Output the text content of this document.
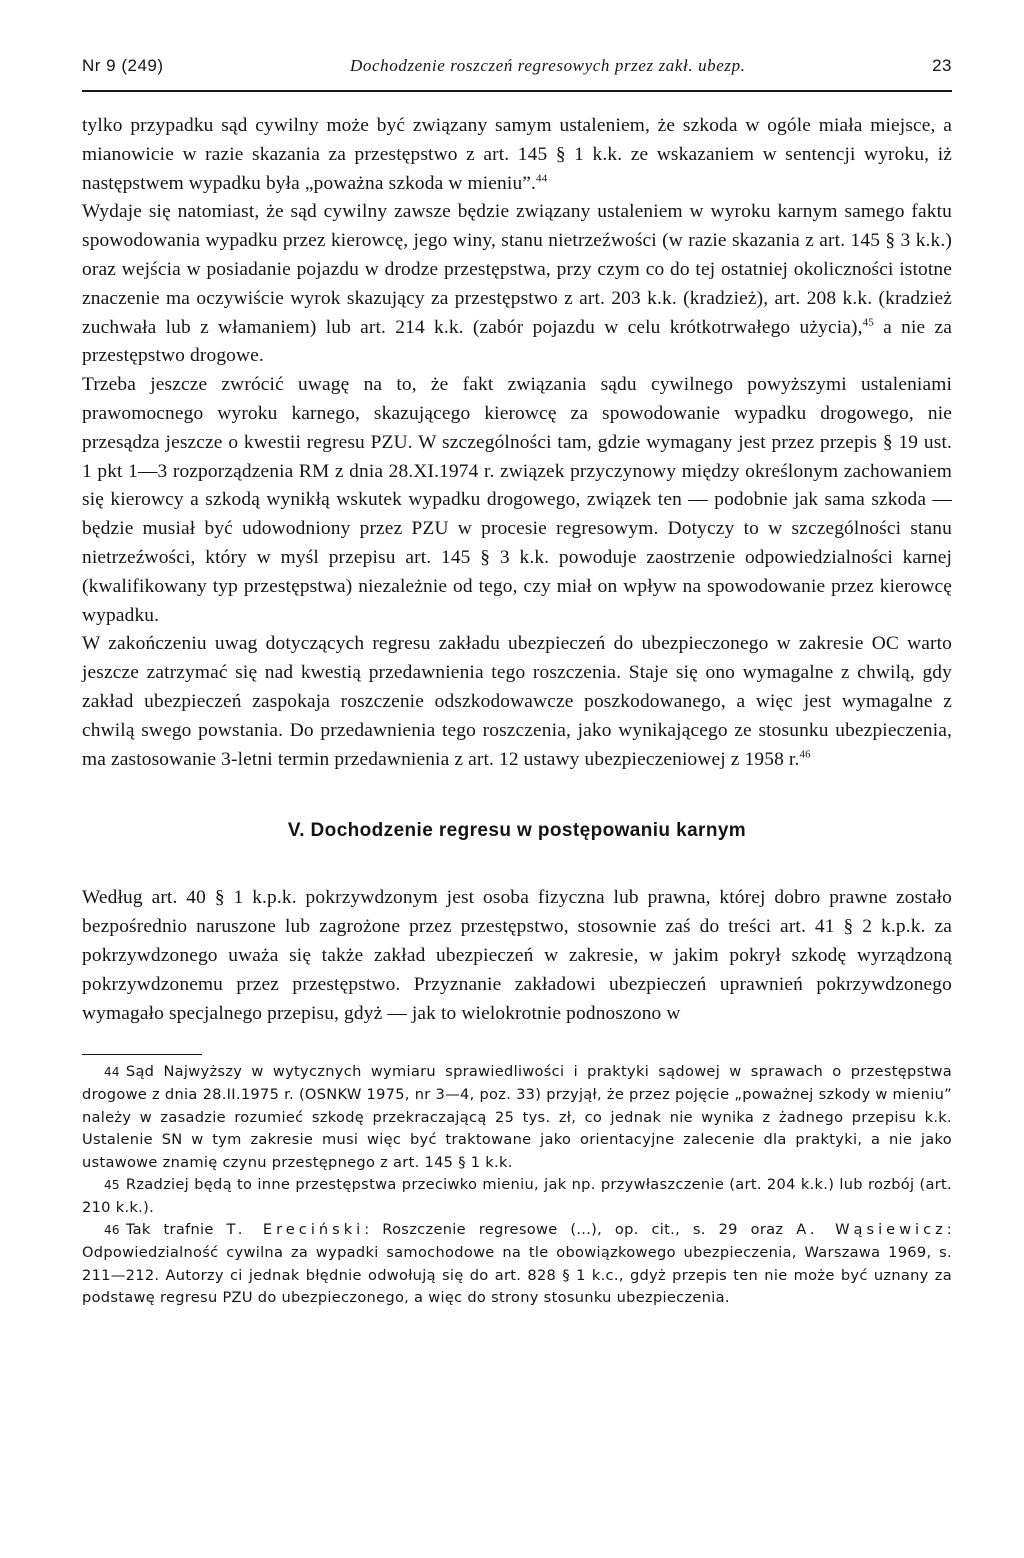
Nr 9 (249)	Dochodzenie roszczeń regresowych przez zakł. ubezp.	23

tylko przypadku sąd cywilny może być związany samym ustaleniem, że szkoda w ogóle miała miejsce, a mianowicie w razie skazania za przestępstwo z art. 145 § 1 k.k. ze wskazaniem w sentencji wyroku, iż następstwem wypadku była „poważna szkoda w mieniu”.$^{44}$

Wydaje się natomiast, że sąd cywilny zawsze będzie związany ustaleniem w wyroku karnym samego faktu spowodowania wypadku przez kierowcę, jego winy, stanu nietrzeźwości (w razie skazania z art. 145 § 3 k.k.) oraz wejścia w posiadanie pojazdu w drodze przestępstwa, przy czym co do tej ostatniej okoliczności istotne znaczenie ma oczywiście wyrok skazujący za przestępstwo z art. 203 k.k. (kradzież), art. 208 k.k. (kradzież zuchwała lub z włamaniem) lub art. 214 k.k. (zabór pojazdu w celu krótkotrwałego użycia),$^{45}$ a nie za przestępstwo drogowe.

Trzeba jeszcze zwrócić uwagę na to, że fakt związania sądu cywilnego powyższymi ustaleniami prawomocnego wyroku karnego, skazującego kierowcę za spowodowanie wypadku drogowego, nie przesądza jeszcze o kwestii regresu PZU. W szczególności tam, gdzie wymagany jest przez przepis § 19 ust. 1 pkt 1—3 rozporządzenia RM z dnia 28.XI.1974 r. związek przyczynowy między określonym zachowaniem się kierowcy a szkodą wynikłą wskutek wypadku drogowego, związek ten — podobnie jak sama szkoda — będzie musiał być udowodniony przez PZU w procesie regresowym. Dotyczy to w szczególności stanu nietrzeźwości, który w myśl przepisu art. 145 § 3 k.k. powoduje zaostrzenie odpowiedzialności karnej (kwalifikowany typ przestępstwa) niezależnie od tego, czy miał on wpływ na spowodowanie przez kierowcę wypadku.

W zakończeniu uwag dotyczących regresu zakładu ubezpieczeń do ubezpieczonego w zakresie OC warto jeszcze zatrzymać się nad kwestią przedawnienia tego roszczenia. Staje się ono wymagalne z chwilą, gdy zakład ubezpieczeń zaspokaja roszczenie odszkodowawcze poszkodowanego, a więc jest wymagalne z chwilą swego powstania. Do przedawnienia tego roszczenia, jako wynikającego ze stosunku ubezpieczenia, ma zastosowanie 3-letni termin przedawnienia z art. 12 ustawy ubezpieczeniowej z 1958 r.$^{46}$

V. Dochodzenie regresu w postępowaniu karnym

Według art. 40 § 1 k.p.k. pokrzywdzonym jest osoba fizyczna lub prawna, której dobro prawne zostało bezpośrednio naruszone lub zagrożone przez przestępstwo, stosownie zaś do treści art. 41 § 2 k.p.k. za pokrzywdzonego uważa się także zakład ubezpieczeń w zakresie, w jakim pokrył szkodę wyrządzoną pokrzywdzonemu przez przestępstwo. Przyznanie zakładowi ubezpieczeń uprawnień pokrzywdzonego wymagało specjalnego przepisu, gdyż — jak to wielokrotnie podnoszono w

44 Sąd Najwyższy w wytycznych wymiaru sprawiedliwości i praktyki sądowej w sprawach o przestępstwa drogowe z dnia 28.II.1975 r. (OSNKW 1975, nr 3—4, poz. 33) przyjął, że przez pojęcie „poważnej szkody w mieniu” należy w zasadzie rozumieć szkodę przekraczającą 25 tys. zł, co jednak nie wynika z żadnego przepisu k.k. Ustalenie SN w tym zakresie musi więc być traktowane jako orientacyjne zalecenie dla praktyki, a nie jako ustawowe znamię czynu przestępnego z art. 145 § 1 k.k.

45 Rzadziej będą to inne przestępstwa przeciwko mieniu, jak np. przywłaszczenie (art. 204 k.k.) lub rozbój (art. 210 k.k.).

46 Tak trafnie T. Ereciński: Roszczenie regresowe (...), op. cit., s. 29 oraz A. Wąsiewicz: Odpowiedzialność cywilna za wypadki samochodowe na tle obowiązkowego ubezpieczenia, Warszawa 1969, s. 211—212. Autorzy ci jednak błędnie odwołują się do art. 828 § 1 k.c., gdyż przepis ten nie może być uznany za podstawę regresu PZU do ubezpieczonego, a więc do strony stosunku ubezpieczenia.
